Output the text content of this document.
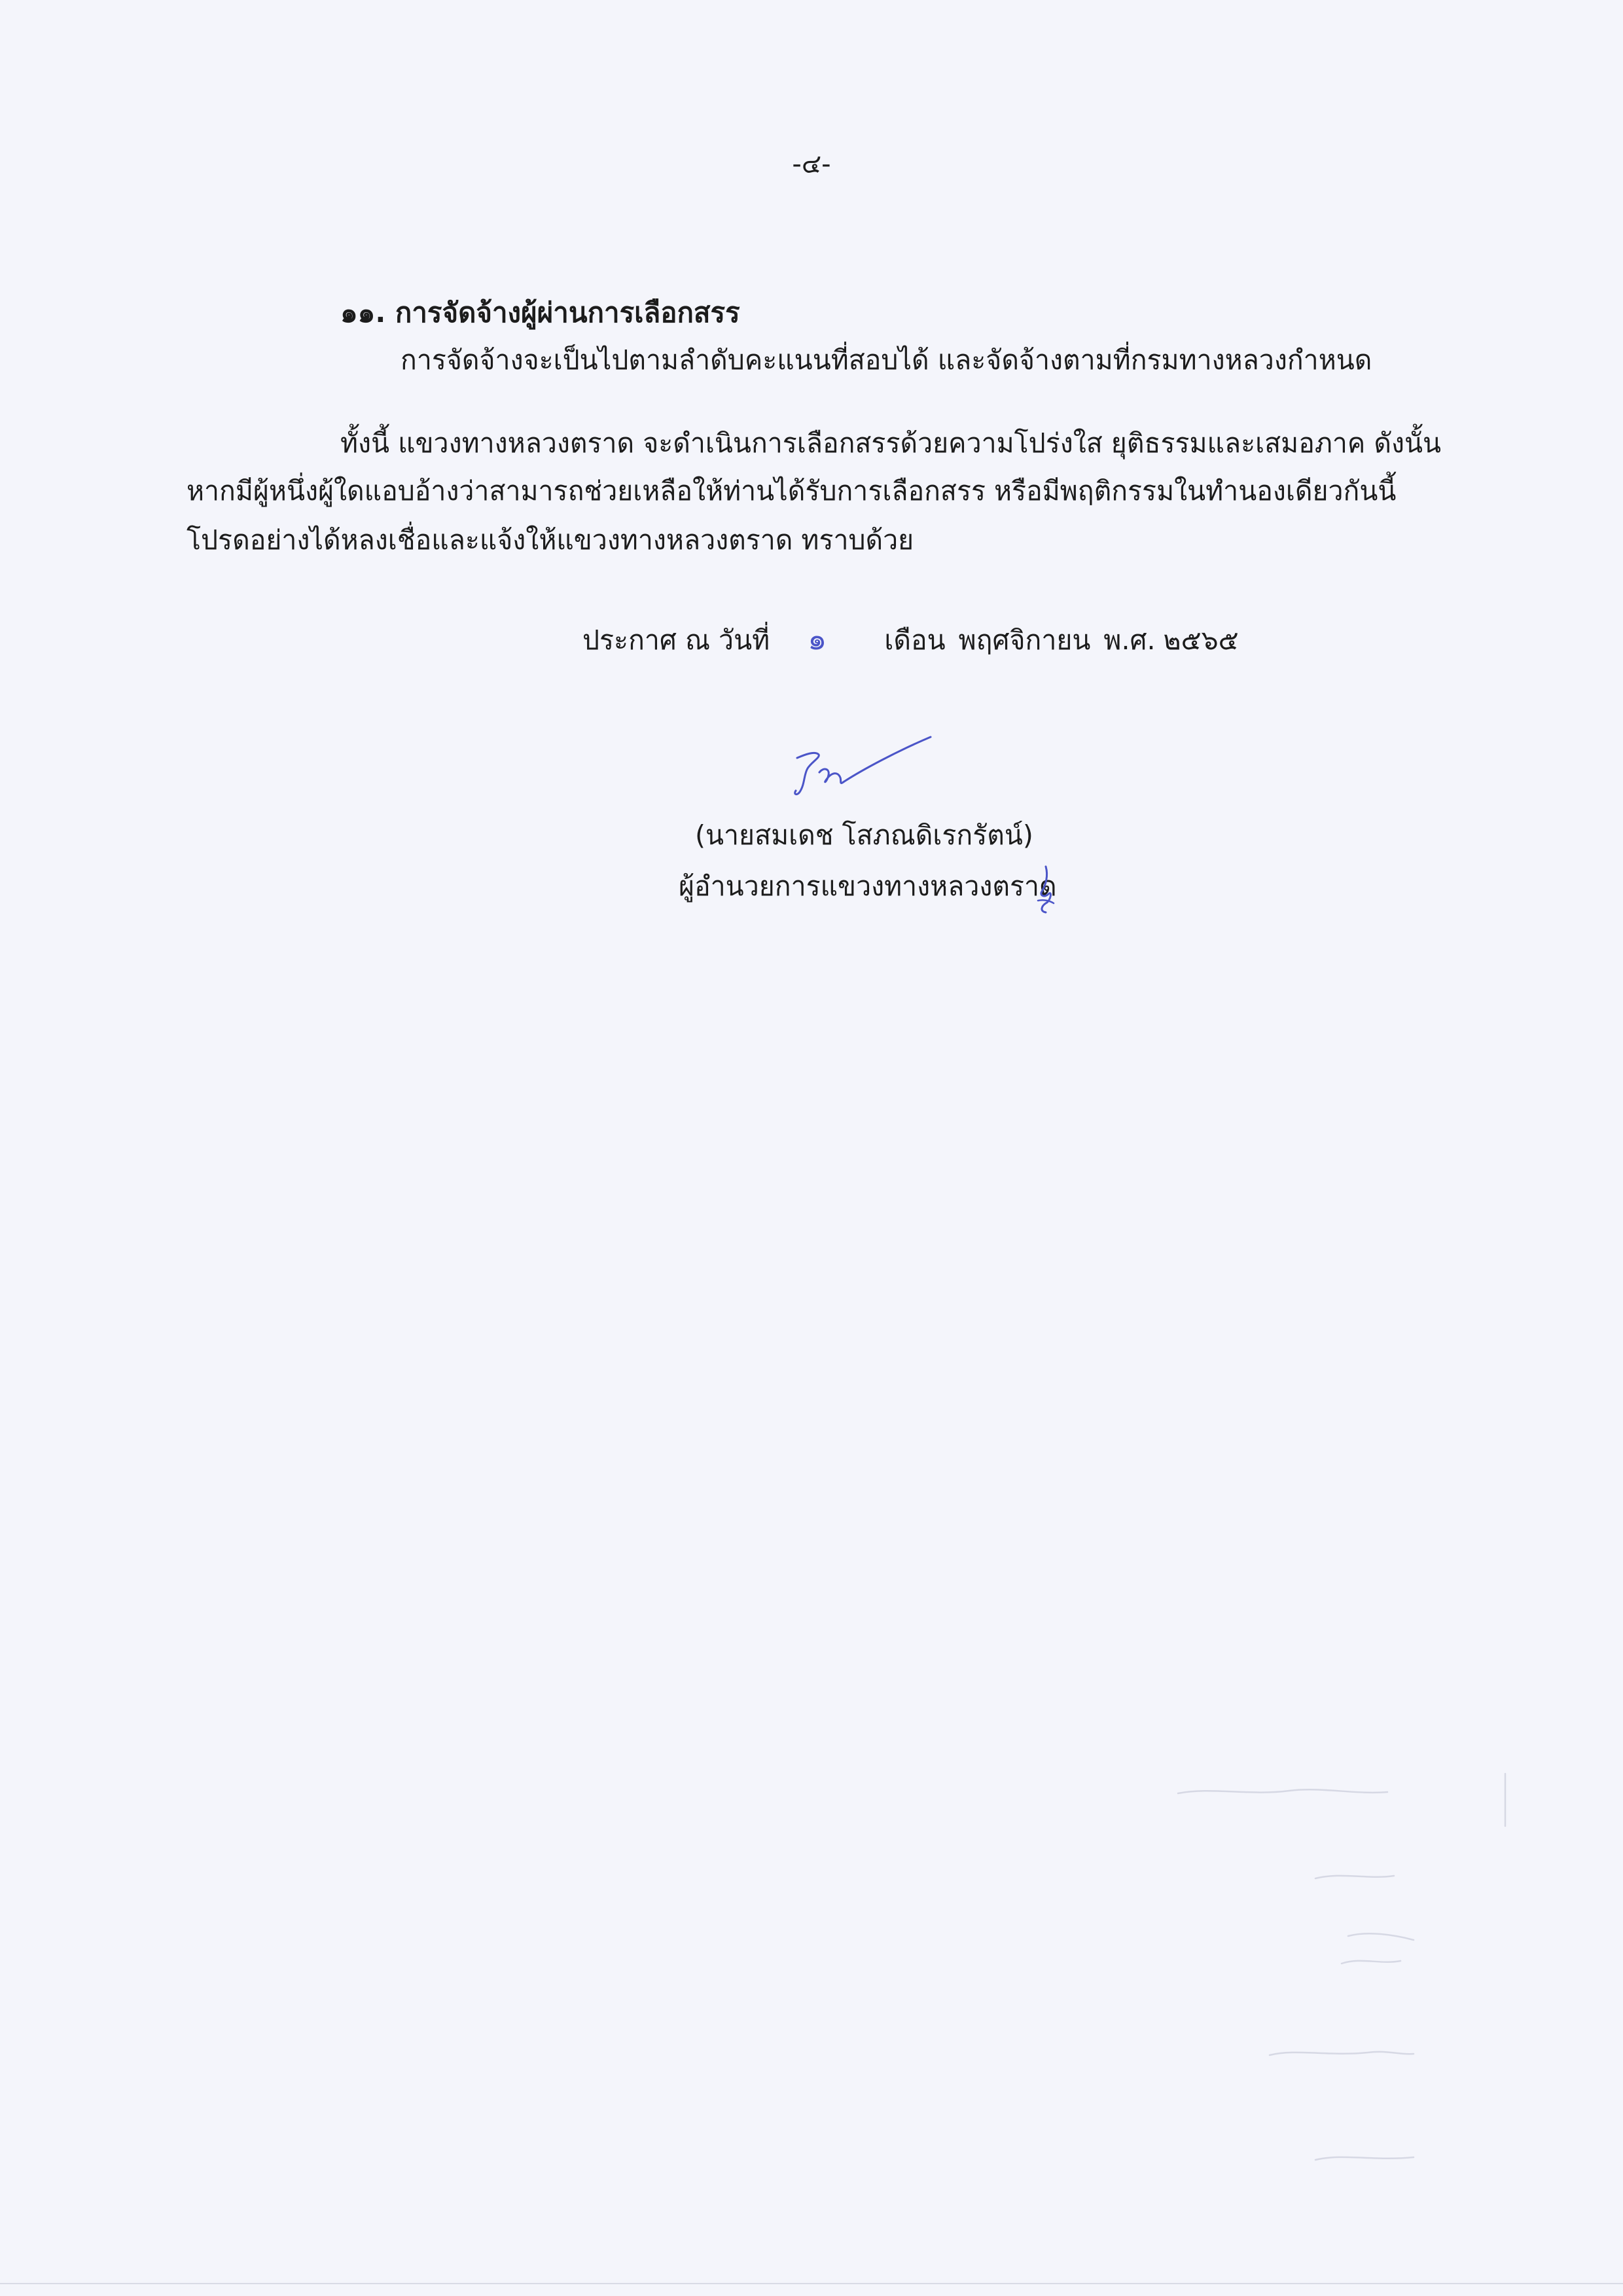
-๔-
๑๑. การจัดจ้างผู้ผ่านการเลือกสรร
การจัดจ้างจะเป็นไปตามลำดับคะแนนที่สอบได้ และจัดจ้างตามที่กรมทางหลวงกำหนด
ทั้งนี้ แขวงทางหลวงตราด จะดำเนินการเลือกสรรด้วยความโปร่งใส ยุติธรรมและเสมอภาค ดังนั้น
หากมีผู้หนึ่งผู้ใดแอบอ้างว่าสามารถช่วยเหลือให้ท่านได้รับการเลือกสรร หรือมีพฤติกรรมในทำนองเดียวกันนี้
โปรดอย่างได้หลงเชื่อและแจ้งให้แขวงทางหลวงตราด ทราบด้วย
ประกาศ ณ วันที่ ๑ เดือน พฤศจิกายน พ.ศ. ๒๕๖๕
(นายสมเดช โสภณดิเรกรัตน์)
ผู้อำนวยการแขวงทางหลวงตราด
